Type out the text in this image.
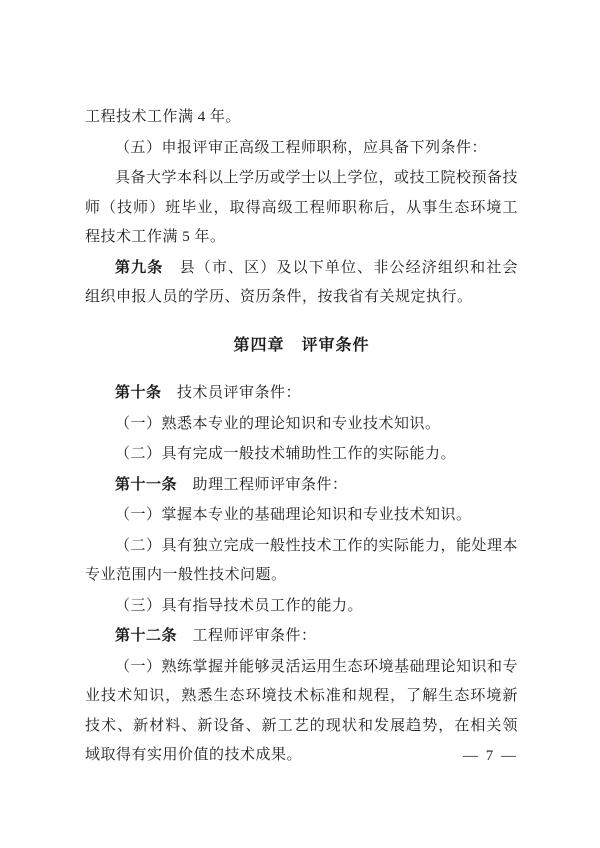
工程技术工作满 4 年。

（五）申报评审正高级工程师职称，应具备下列条件：

具备大学本科以上学历或学士以上学位，或技工院校预备技师（技师）班毕业，取得高级工程师职称后，从事生态环境工程技术工作满 5 年。

第九条　县（市、区）及以下单位、非公经济组织和社会组织申报人员的学历、资历条件，按我省有关规定执行。

第四章　评审条件

第十条　技术员评审条件：

（一）熟悉本专业的理论知识和专业技术知识。

（二）具有完成一般技术辅助性工作的实际能力。

第十一条　助理工程师评审条件：

（一）掌握本专业的基础理论知识和专业技术知识。

（二）具有独立完成一般性技术工作的实际能力，能处理本专业范围内一般性技术问题。

（三）具有指导技术员工作的能力。

第十二条　工程师评审条件：

（一）熟练掌握并能够灵活运用生态环境基础理论知识和专业技术知识，熟悉生态环境技术标准和规程，了解生态环境新技术、新材料、新设备、新工艺的现状和发展趋势，在相关领域取得有实用价值的技术成果。	— 7 —
